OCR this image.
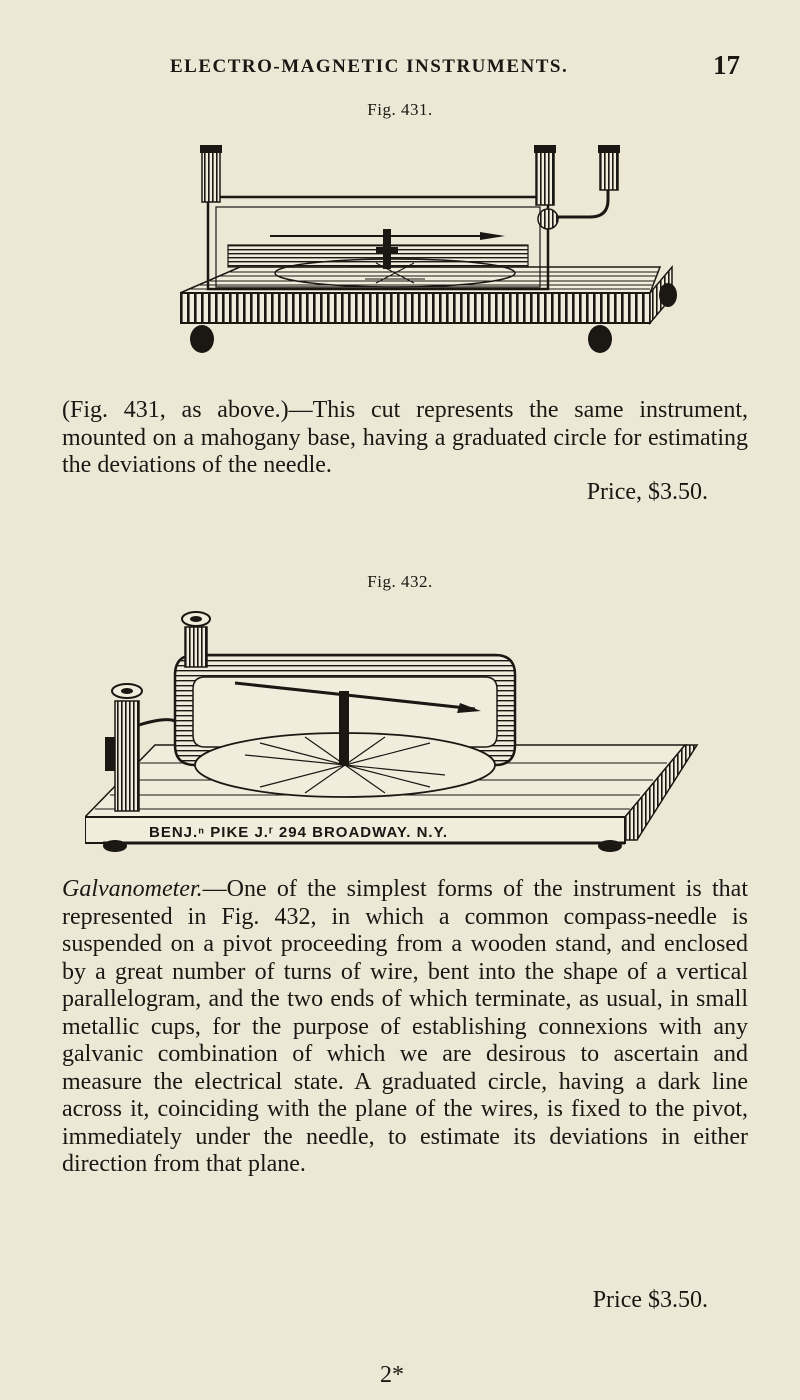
ELECTRO-MAGNETIC INSTRUMENTS.	17
Fig. 431.

(Fig. 431, as above.)—This cut represents the same instrument, mounted on a mahogany base, having a graduated circle for estimating the deviations of the needle.

Price, $3.50.
Fig. 432.
BENJ.ⁿ PIKE J.ʳ 294 BROADWAY. N.Y.

Galvanometer.—One of the simplest forms of the instrument is that represented in Fig. 432, in which a common compass-needle is suspended on a pivot proceeding from a wooden stand, and enclosed by a great number of turns of wire, bent into the shape of a vertical parallelogram, and the two ends of which terminate, as usual, in small metallic cups, for the purpose of establishing connexions with any galvanic combination of which we are desirous to ascertain and measure the electrical state. A graduated circle, having a dark line across it, coinciding with the plane of the wires, is fixed to the pivot, immediately under the needle, to estimate its deviations in either direction from that plane.

Price $3.50.
2*
